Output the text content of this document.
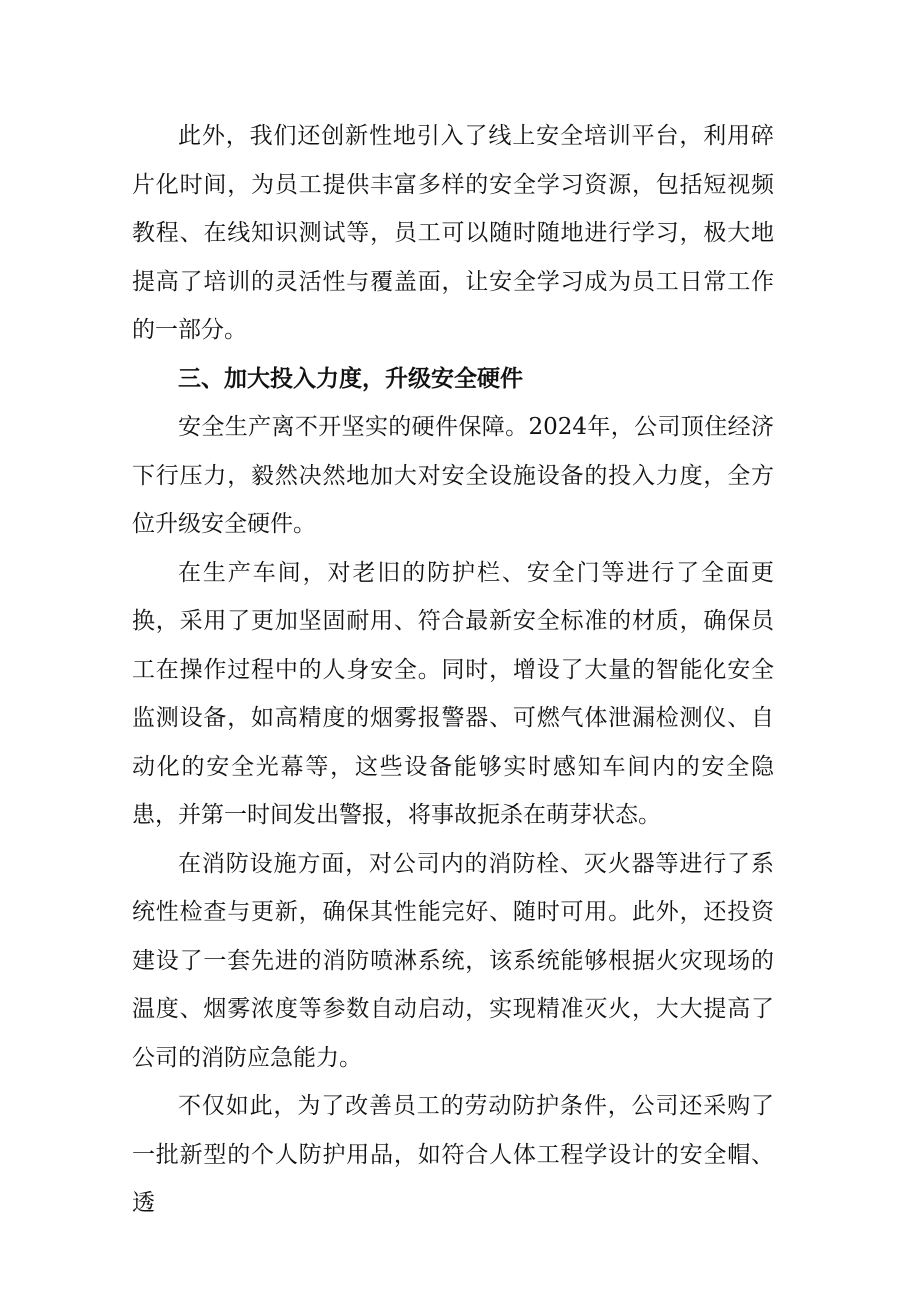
此外，我们还创新性地引入了线上安全培训平台，利用碎片化时间，为员工提供丰富多样的安全学习资源，包括短视频教程、在线知识测试等，员工可以随时随地进行学习，极大地提高了培训的灵活性与覆盖面，让安全学习成为员工日常工作的一部分。

三、加大投入力度，升级安全硬件

安全生产离不开坚实的硬件保障。2024年，公司顶住经济下行压力，毅然决然地加大对安全设施设备的投入力度，全方位升级安全硬件。

在生产车间，对老旧的防护栏、安全门等进行了全面更换，采用了更加坚固耐用、符合最新安全标准的材质，确保员工在操作过程中的人身安全。同时，增设了大量的智能化安全监测设备，如高精度的烟雾报警器、可燃气体泄漏检测仪、自动化的安全光幕等，这些设备能够实时感知车间内的安全隐患，并第一时间发出警报，将事故扼杀在萌芽状态。

在消防设施方面，对公司内的消防栓、灭火器等进行了系统性检查与更新，确保其性能完好、随时可用。此外，还投资建设了一套先进的消防喷淋系统，该系统能够根据火灾现场的温度、烟雾浓度等参数自动启动，实现精准灭火，大大提高了公司的消防应急能力。

不仅如此，为了改善员工的劳动防护条件，公司还采购了一批新型的个人防护用品，如符合人体工程学设计的安全帽、透
